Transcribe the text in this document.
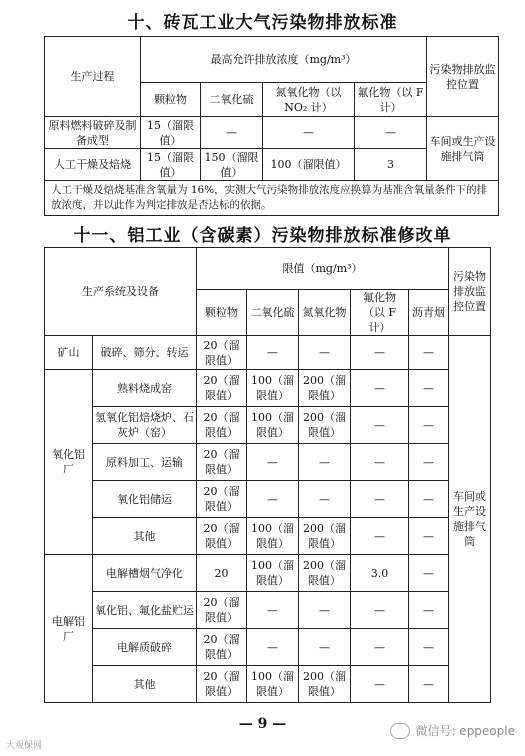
十、砖瓦工业大气污染物排放标准
生产过程	最高允许排放浓度（mg/m³）				污染物排放监控位置
	颗粒物	二氧化硫	氮氧化物（以 NO₂ 计）	氟化物（以 F 计）	
原料燃料破碎及制备成型	15（溜限值）	—	—	—	车间或生产设施排气筒
人工干燥及焙烧	15（溜限值）	150（溜限值）	100（溜限值）	3	
人工干燥及焙烧基准含氧量为 16%，实测大气污染物排放浓度应换算为基准含氧量条件下的排放浓度，并以此作为判定排放是否达标的依据。					
十一、铝工业（含碳素）污染物排放标准修改单
生产系统及设备		限值（mg/m³）					污染物排放监控位置
		颗粒物	二氧化硫	氮氧化物	氟化物（以 F 计）	沥青烟	
矿山	破碎、筛分、转运	20（溜限值）	—	—	—	—	车间或生产设施排气筒
氧化铝厂	熟料烧成窑	20（溜限值）	100（溜限值）	200（溜限值）	—	—	
	氢氧化铝焙烧炉、石灰炉（窑）	20（溜限值）	100（溜限值）	200（溜限值）	—	—	
	原料加工、运输	20（溜限值）	—	—	—	—	
	氧化铝储运	20（溜限值）	—	—	—	—	
	其他	20（溜限值）	100（溜限值）	200（溜限值）	—	—	
电解铝厂	电解槽烟气净化	20	100（溜限值）	200（溜限值）	3.0	—	
	氧化铝、氟化盐贮运	20（溜限值）	—	—	—	—	
	电解质破碎	20（溜限值）	—	—	—	—	
	其他	20（溜限值）	100（溜限值）	200（溜限值）	—	—	
— 9 —
大观保网
微信号: eppeople
